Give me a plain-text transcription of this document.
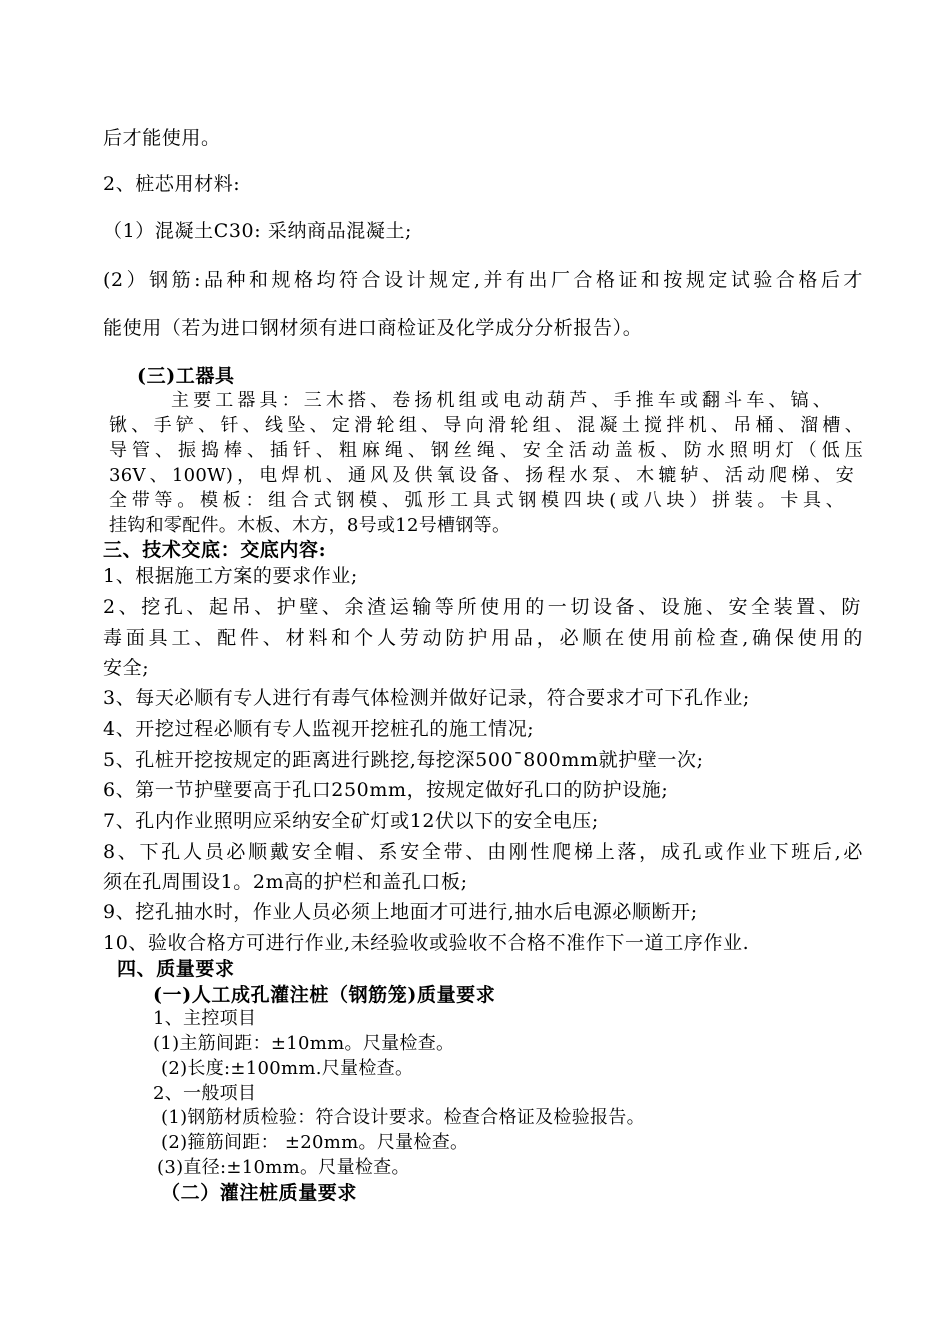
后才能使用。
2、桩芯用材料:
（1）混凝土C30: 采纳商品混凝土;
(2）钢筋:品种和规格均符合设计规定,并有出厂合格证和按规定试验合格后才
能使用（若为进口钢材须有进口商检证及化学成分分析报告）。
(三)工器具
主要工器具：三木搭、卷扬机组或电动葫芦、手推车或翻斗车、镐、
锹、手铲、钎、线坠、定滑轮组、导向滑轮组、混凝土搅拌机、吊桶、溜槽、
导管、振捣棒、插钎、粗麻绳、钢丝绳、安全活动盖板、防水照明灯（低压
36V、100W)，电焊机、通风及供氧设备、扬程水泵、木辘轳、活动爬梯、安
全带等。模板：组合式钢模、弧形工具式钢模四块(或八块）拼装。卡具、
挂钩和零配件。木板、木方，8号或12号槽钢等。
三、技术交底：交底内容:
1、根据施工方案的要求作业;
2、挖孔、起吊、护壁、余渣运输等所使用的一切设备、设施、安全装置、防
毒面具工、配件、材料和个人劳动防护用品，必顺在使用前检查,确保使用的
安全;
3、每天必顺有专人进行有毒气体检测并做好记录，符合要求才可下孔作业;
4、开挖过程必顺有专人监视开挖桩孔的施工情况;
5、孔桩开挖按规定的距离进行跳挖,每挖深500¯800mm就护壁一次;
6、第一节护壁要高于孔口250mm，按规定做好孔口的防护设施;
7、孔内作业照明应采纳安全矿灯或12伏以下的安全电压;
8、下孔人员必顺戴安全帽、系安全带、由刚性爬梯上落，成孔或作业下班后,必
须在孔周围设1。2m高的护栏和盖孔口板;
9、挖孔抽水时，作业人员必须上地面才可进行,抽水后电源必顺断开;
10、验收合格方可进行作业,未经验收或验收不合格不准作下一道工序作业.
四、质量要求
(一)人工成孔灌注桩（钢筋笼)质量要求
1、主控项目
(1)主筋间距：±10mm。尺量检查。
(2)长度:±100mm.尺量检查。
2、一般项目
(1)钢筋材质检验：符合设计要求。检查合格证及检验报告。
(2)箍筋间距： ±20mm。尺量检查。
(3)直径:±10mm。尺量检查。
（二）灌注桩质量要求
